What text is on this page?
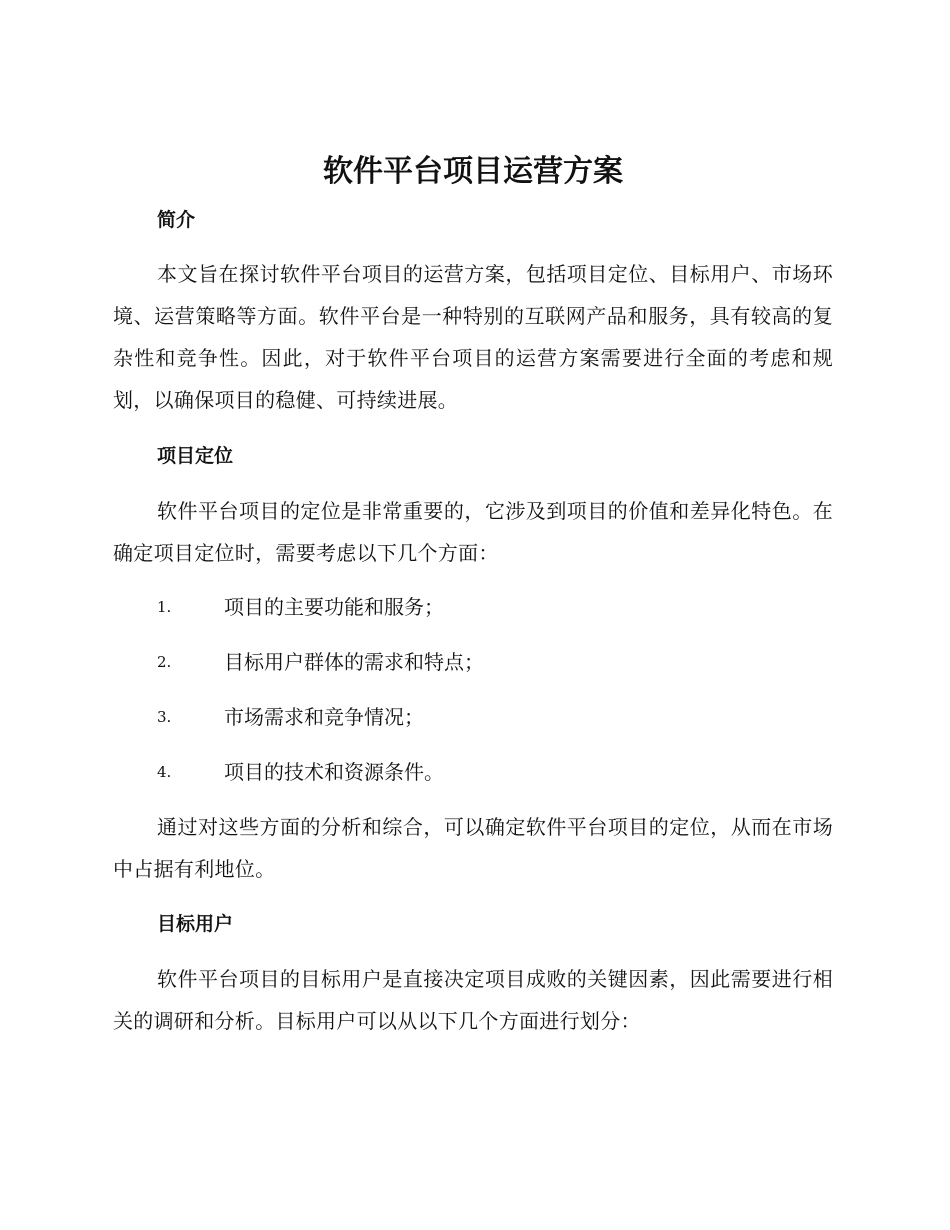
软件平台项目运营方案
简介

本文旨在探讨软件平台项目的运营方案，包括项目定位、目标用户、市场环境、运营策略等方面。软件平台是一种特别的互联网产品和服务，具有较高的复杂性和竞争性。因此，对于软件平台项目的运营方案需要进行全面的考虑和规划，以确保项目的稳健、可持续进展。

项目定位

软件平台项目的定位是非常重要的，它涉及到项目的价值和差异化特色。在确定项目定位时，需要考虑以下几个方面：

1.	项目的主要功能和服务；
2.	目标用户群体的需求和特点；
3.	市场需求和竞争情况；
4.	项目的技术和资源条件。

通过对这些方面的分析和综合，可以确定软件平台项目的定位，从而在市场中占据有利地位。

目标用户

软件平台项目的目标用户是直接决定项目成败的关键因素，因此需要进行相关的调研和分析。目标用户可以从以下几个方面进行划分：
